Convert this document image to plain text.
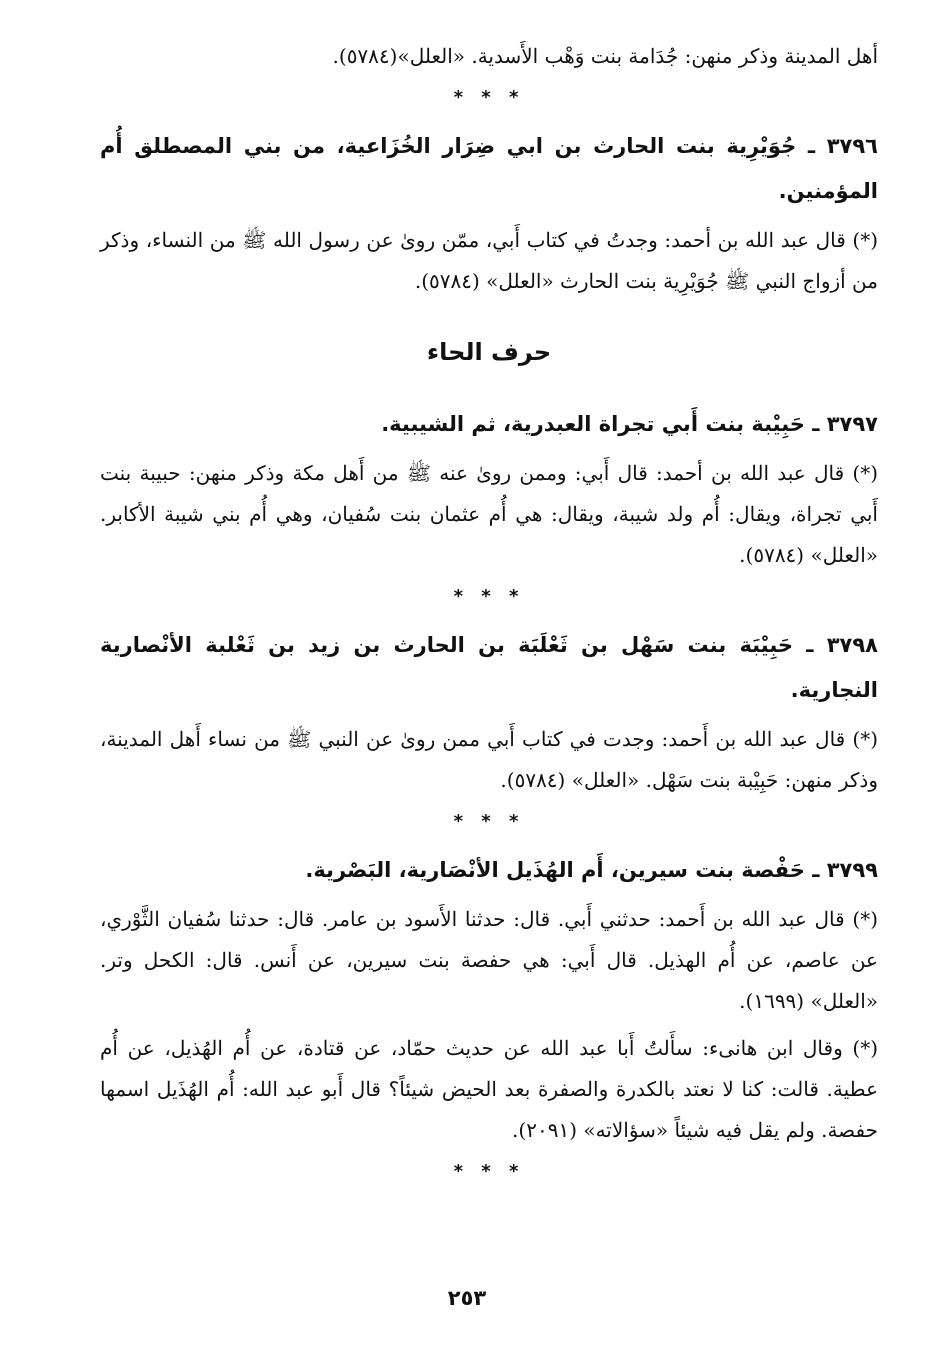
أهل المدينة وذكر منهن: جُدَامة بنت وَهْب الأَسدية. «العلل»(٥٧٨٤).

* * *

٣٧٩٦ ـ جُوَيْرِية بنت الحارث بن ابي ضِرَار الخُزَاعية، من بني المصطلق أُم المؤمنين.

(*) قال عبد الله بن أحمد: وجدتُ في كتاب أَبي، ممّن روىٰ عن رسول الله ﷺ من النساء، وذكر من أزواج النبي ﷺ جُوَيْرِية بنت الحارث «العلل» (٥٧٨٤).

حرف الحاء

٣٧٩٧ ـ حَبِيْبة بنت أَبي تجراة العبدرية، ثم الشيبية.

(*) قال عبد الله بن أحمد: قال أَبي: وممن روىٰ عنه ﷺ من أَهل مكة وذكر منهن: حبيبة بنت أَبي تجراة، ويقال: أُم ولد شيبة، ويقال: هي أُم عثمان بنت سُفيان، وهي أُم بني شيبة الأكابر. «العلل» (٥٧٨٤).

* * *

٣٧٩٨ ـ حَبِيْبَة بنت سَهْل بن ثَعْلَبَة بن الحارث بن زيد بن ثَعْلبة الأنْصارية النجارية.

(*) قال عبد الله بن أَحمد: وجدت في كتاب أَبي ممن روىٰ عن النبي ﷺ من نساء أَهل المدينة، وذكر منهن: حَبِيْبة بنت سَهْل. «العلل» (٥٧٨٤).

* * *

٣٧٩٩ ـ حَفْصة بنت سيرين، أَم الهُذَيل الأنْصَارية، البَصْرية.

(*) قال عبد الله بن أَحمد: حدثني أَبي. قال: حدثنا الأَسود بن عامر. قال: حدثنا سُفيان الثَّوْري، عن عاصم، عن أُم الهذيل. قال أَبي: هي حفصة بنت سيرين، عن أَنس. قال: الكحل وتر. «العلل» (١٦٩٩).

(*) وقال ابن هانىء: سأَلتُ أَبا عبد الله عن حديث حمّاد، عن قتادة، عن أُم الهُذيل، عن أُم عطية. قالت: كنا لا نعتد بالكدرة والصفرة بعد الحيض شيئاً؟ قال أَبو عبد الله: أُم الهُذَيل اسمها حفصة. ولم يقل فيه شيئاً «سؤالاته» (٢٠٩١).

* * *

٢٥٣
